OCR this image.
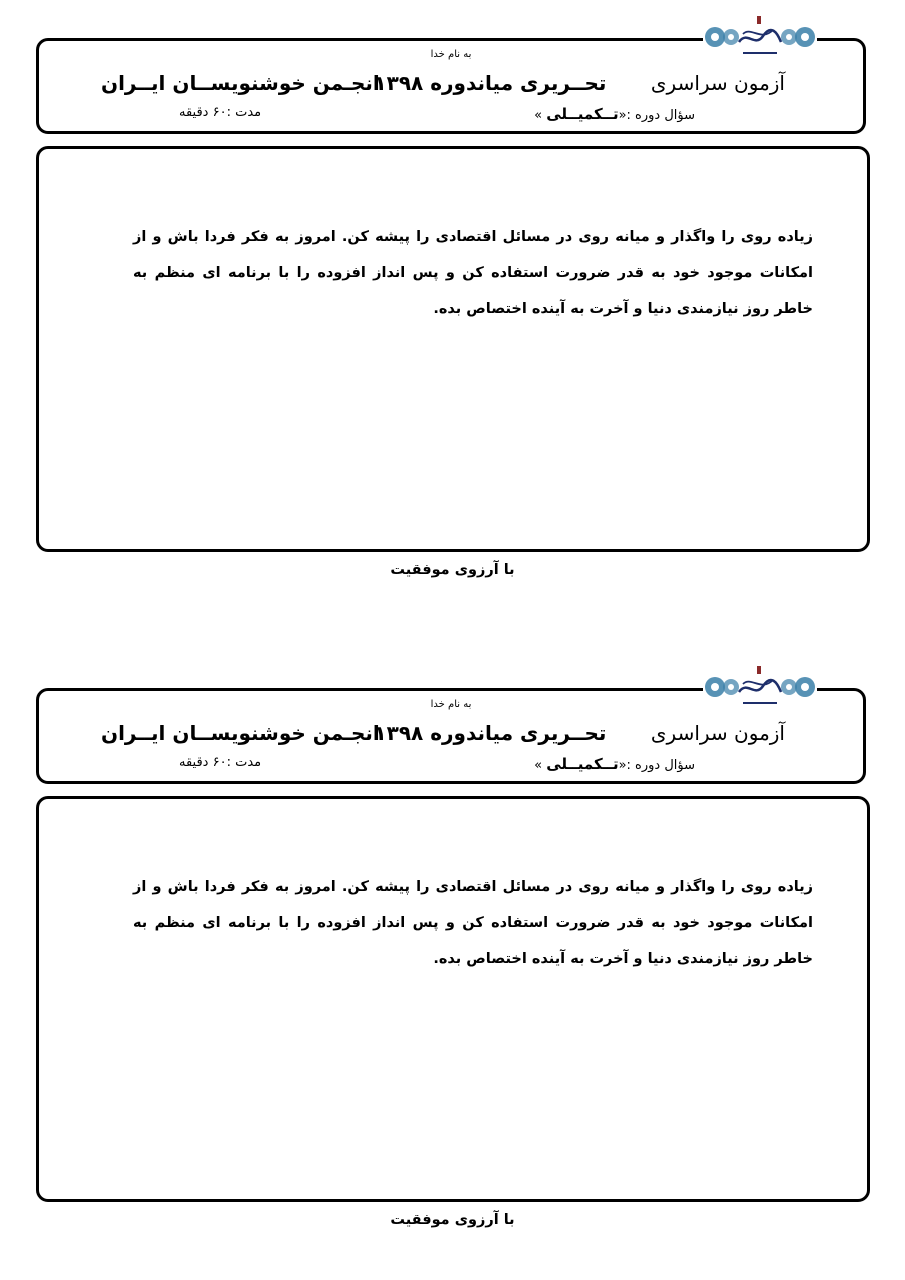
به نام خدا
آزمون سراسری       تحــریری میاندوره ۱۳۹۸
انجـمن خوشنویســان ایــران
سؤال دوره :«تــکمیــلی »
مدت :۶۰ دقیقه
زیاده روی را واگذار و میانه روی در مسائل اقتصادی را پیشه کن. امروز به فکر فردا باش و از امکانات موجود خود به قدر ضرورت استفاده کن و پس انداز افزوده را با برنامه ای منظم به خاطر روز نیازمندی دنیا و آخرت به آینده اختصاص بده.
با آرزوی موفقیت
به نام خدا
آزمون سراسری       تحــریری میاندوره ۱۳۹۸
انجـمن خوشنویســان ایــران
سؤال دوره :«تــکمیــلی »
مدت :۶۰ دقیقه
زیاده روی را واگذار و میانه روی در مسائل اقتصادی را پیشه کن. امروز به فکر فردا باش و از امکانات موجود خود به قدر ضرورت استفاده کن و پس انداز افزوده را با برنامه ای منظم به خاطر روز نیازمندی دنیا و آخرت به آینده اختصاص بده.
با آرزوی موفقیت
